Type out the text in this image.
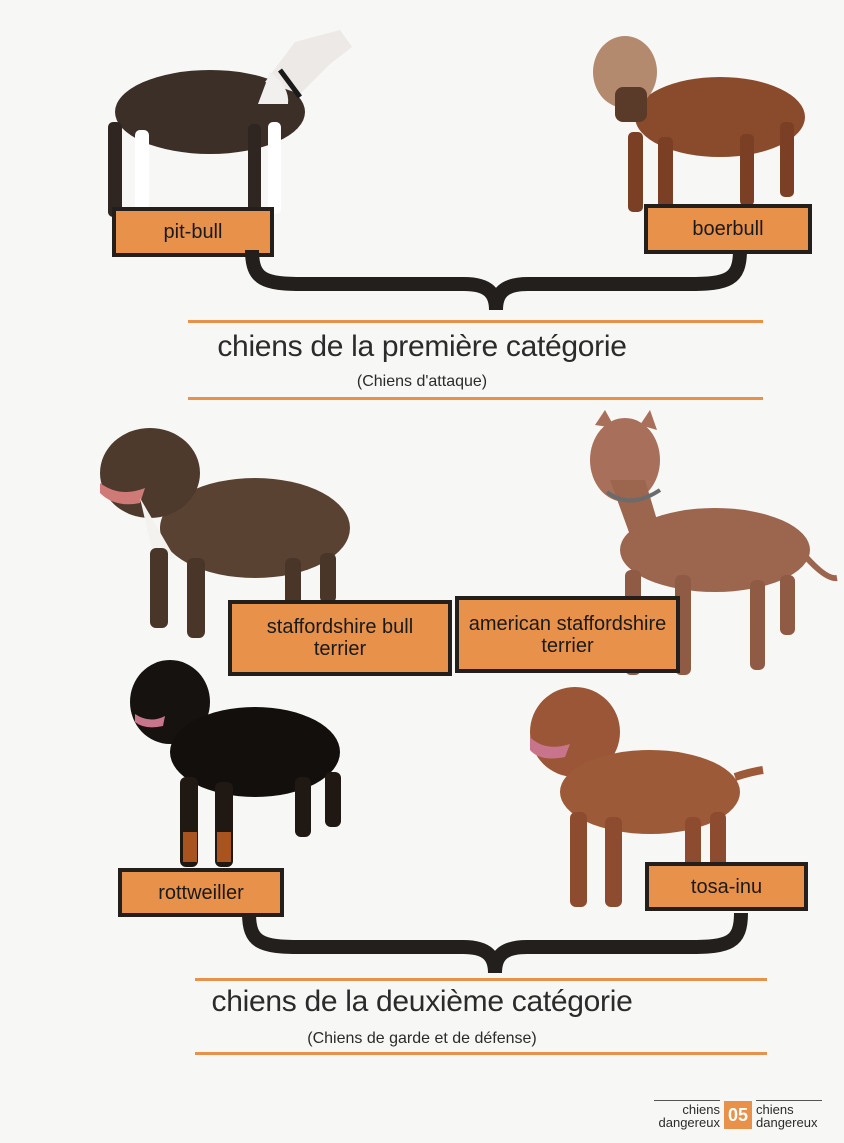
pit-bull	boerbull
chiens de la première catégorie
(Chiens d'attaque)
staffordshire bull terrier
american staffordshire terrier
rottweiller	tosa-inu
chiens de la deuxième catégorie
(Chiens de garde et de défense)
chiens dangereux 05 chiens dangereux
